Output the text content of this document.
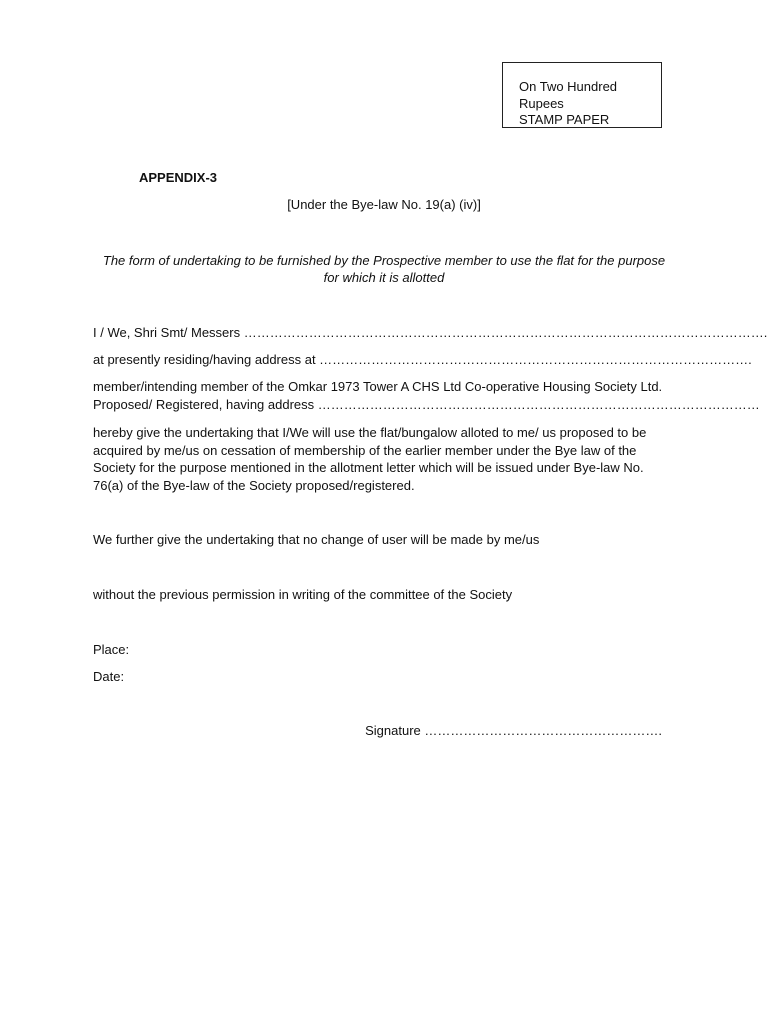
On Two Hundred
Rupees
STAMP PAPER
APPENDIX-3
[Under the Bye-law No. 19(a) (iv)]
The form of undertaking to be furnished by the Prospective member to use the flat for the purpose for which it is allotted
I / We, Shri Smt/ Messers ………………………………………………………………………………………………………….
at presently residing/having address at ……………………………………………………………………………………….
member/intending member of the Omkar 1973 Tower A CHS Ltd Co-operative Housing Society Ltd.
Proposed/ Registered, having address …………………………………………………………………………………………
hereby give the undertaking that I/We will use the flat/bungalow alloted to me/ us proposed to be acquired by me/us on cessation of membership of the earlier member under the Bye law of the Society for the purpose mentioned in the allotment letter which will be issued under Bye-law No. 76(a) of the Bye-law of the Society proposed/registered.
We further give the undertaking that no change of user will be made by me/us
without the previous permission in writing of the committee of the Society
Place:
Date:
Signature ……………………………………………….
